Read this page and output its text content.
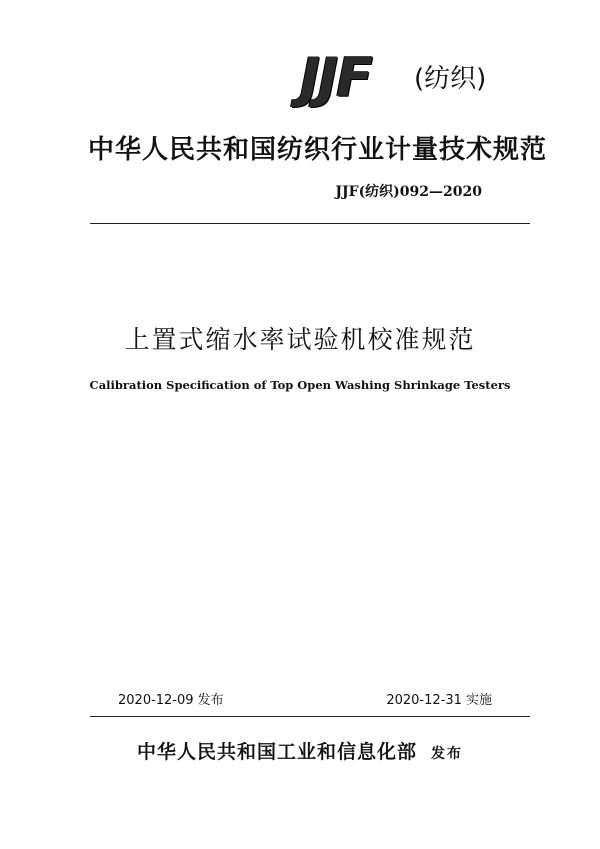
JJF (纺织)
中华人民共和国纺织行业计量技术规范
JJF(纺织)092—2020
上置式缩水率试验机校准规范
Calibration Specification of Top Open Washing Shrinkage Testers
2020-12-09 发布	2020-12-31 实施
中华人民共和国工业和信息化部 发布
